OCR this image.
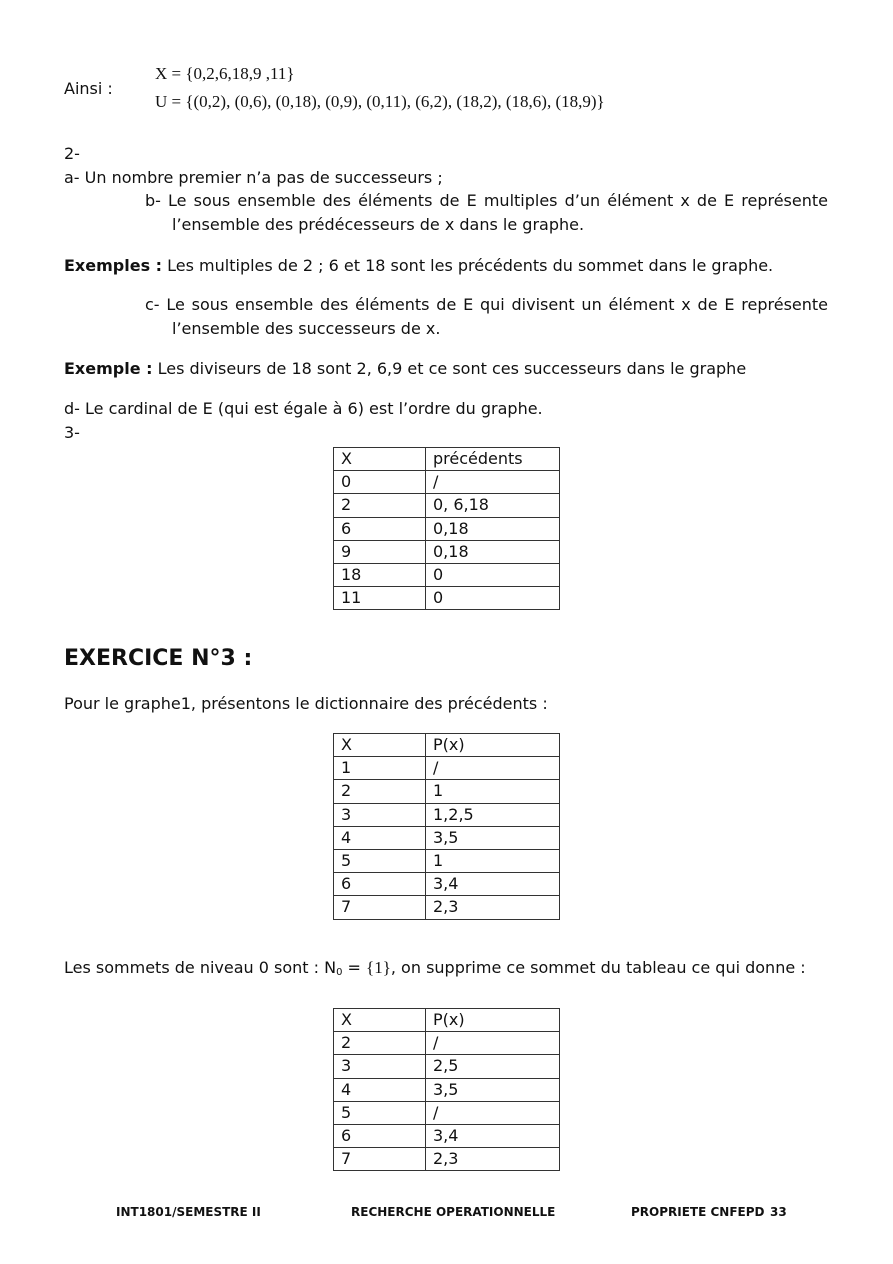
Ainsi :
X = {0,2,6,18,9 ,11}
U = {(0,2), (0,6), (0,18), (0,9), (0,11), (6,2), (18,2), (18,6), (18,9)}
2-
a- Un nombre premier n’a pas de successeurs ;
b- Le sous ensemble des éléments de E multiples d’un élément x de E représente
l’ensemble des prédécesseurs de x dans le graphe.
Exemples : Les multiples de 2 ; 6 et 18 sont les précédents du sommet dans le graphe.
c- Le sous ensemble des éléments de E qui divisent un élément x de E représente
l’ensemble des successeurs de x.
Exemple : Les diviseurs de 18 sont 2, 6,9 et ce sont ces successeurs dans le graphe
d- Le cardinal de E (qui est égale à 6) est l’ordre du graphe.
3-
X	précédents
0	/
2	0, 6,18
6	0,18
9	0,18
18	0
11	0
EXERCICE N°3 :
Pour le graphe1, présentons le dictionnaire des précédents :
X	P(x)
1	/
2	1
3	1,2,5
4	3,5
5	1
6	3,4
7	2,3
Les sommets de niveau 0 sont : $N_0 = \{1\}$, on supprime ce sommet du tableau ce qui donne :
X	P(x)
2	/
3	2,5
4	3,5
5	/
6	3,4
7	2,3
INT1801/SEMESTRE II	RECHERCHE OPERATIONNELLE	PROPRIETE CNFEPD 33
